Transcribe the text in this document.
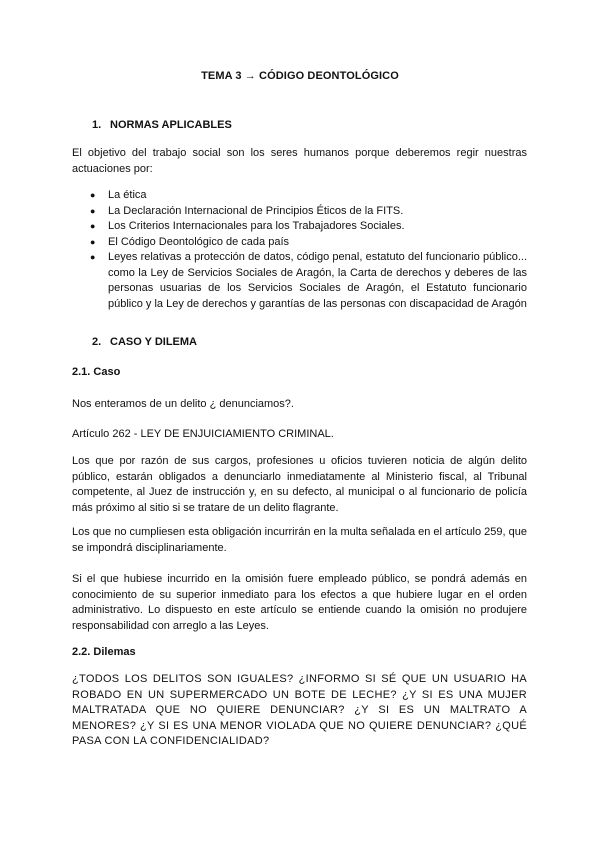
TEMA 3 → CÓDIGO DEONTOLÓGICO
1. NORMAS APLICABLES

El objetivo del trabajo social son los seres humanos porque deberemos regir nuestras actuaciones por:

● La ética
● La Declaración Internacional de Principios Éticos de la FITS.
● Los Criterios Internacionales para los Trabajadores Sociales.
● El Código Deontológico de cada país
● Leyes relativas a protección de datos, código penal, estatuto del funcionario público... como la Ley de Servicios Sociales de Aragón, la Carta de derechos y deberes de las personas usuarias de los Servicios Sociales de Aragón, el Estatuto funcionario público y la Ley de derechos y garantías de las personas con discapacidad de Aragón
2. CASO Y DILEMA
2.1. Caso

Nos enteramos de un delito ¿ denunciamos?.

Artículo 262 - LEY DE ENJUICIAMIENTO CRIMINAL.

Los que por razón de sus cargos, profesiones u oficios tuvieren noticia de algún delito público, estarán obligados a denunciarlo inmediatamente al Ministerio fiscal, al Tribunal competente, al Juez de instrucción y, en su defecto, al municipal o al funcionario de policía más próximo al sitio si se tratare de un delito flagrante.

Los que no cumpliesen esta obligación incurrirán en la multa señalada en el artículo 259, que se impondrá disciplinariamente.

Si el que hubiese incurrido en la omisión fuere empleado público, se pondrá además en conocimiento de su superior inmediato para los efectos a que hubiere lugar en el orden administrativo. Lo dispuesto en este artículo se entiende cuando la omisión no produjere responsabilidad con arreglo a las Leyes.

2.2. Dilemas

¿TODOS LOS DELITOS SON IGUALES? ¿INFORMO SI SÉ QUE UN USUARIO HA ROBADO EN UN SUPERMERCADO UN BOTE DE LECHE? ¿Y SI ES UNA MUJER MALTRATADA QUE NO QUIERE DENUNCIAR? ¿Y SI ES UN MALTRATO A MENORES? ¿Y SI ES UNA MENOR VIOLADA QUE NO QUIERE DENUNCIAR? ¿QUÉ PASA CON LA CONFIDENCIALIDAD?
